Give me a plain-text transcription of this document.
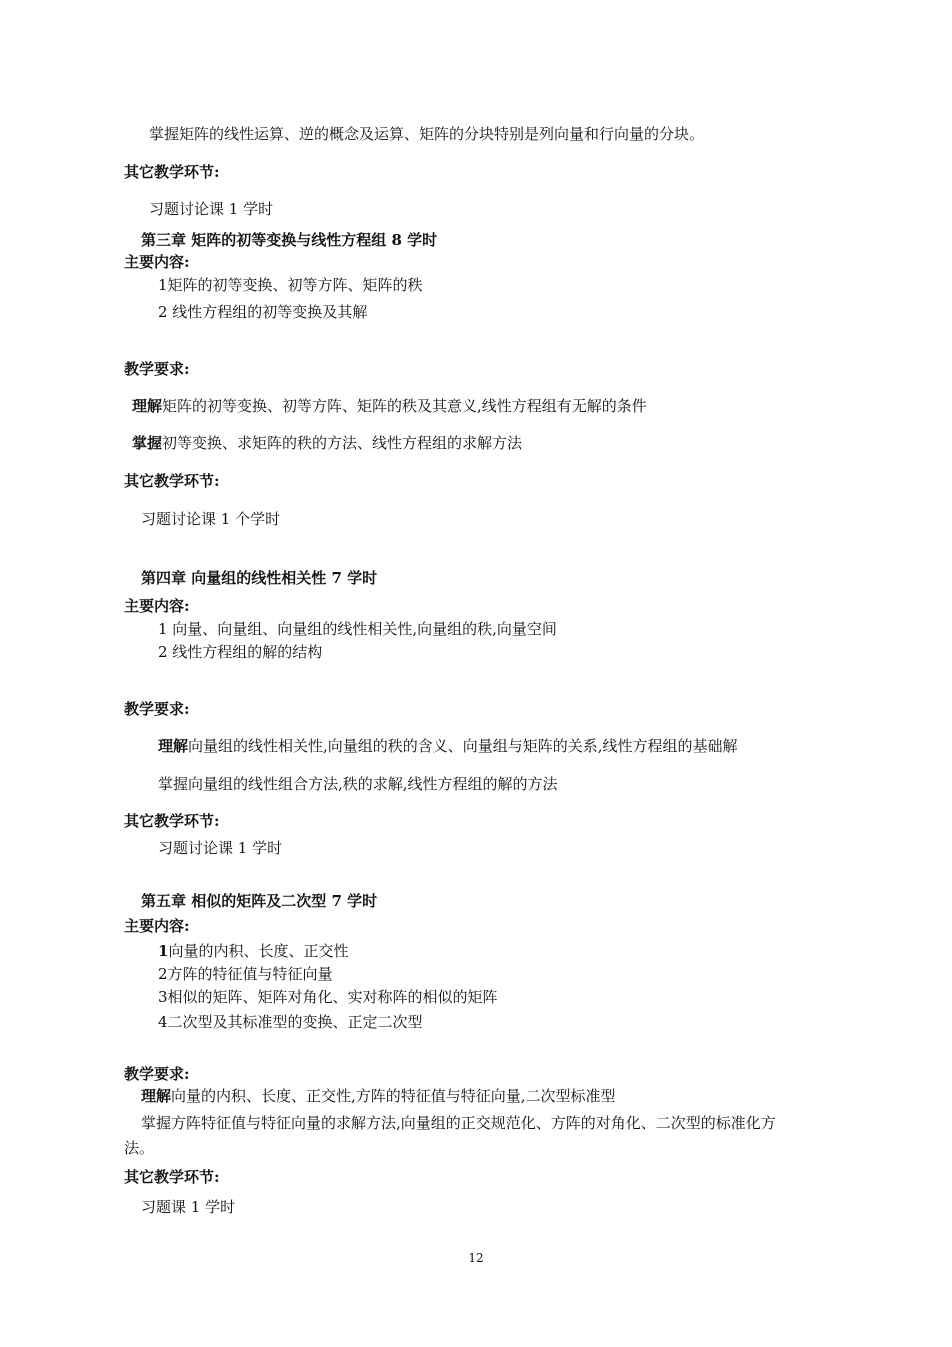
掌握矩阵的线性运算、逆的概念及运算、矩阵的分块特别是列向量和行向量的分块。
其它教学环节:
习题讨论课 1 学时
第三章 矩阵的初等变换与线性方程组 8 学时
主要内容:
1矩阵的初等变换、初等方阵、矩阵的秩
2 线性方程组的初等变换及其解
教学要求:
理解矩阵的初等变换、初等方阵、矩阵的秩及其意义,线性方程组有无解的条件
掌握初等变换、求矩阵的秩的方法、线性方程组的求解方法
其它教学环节:
习题讨论课 1 个学时
第四章 向量组的线性相关性 7 学时
主要内容:
1 向量、向量组、向量组的线性相关性,向量组的秩,向量空间
2 线性方程组的解的结构
教学要求:
理解向量组的线性相关性,向量组的秩的含义、向量组与矩阵的关系,线性方程组的基础解
掌握向量组的线性组合方法,秩的求解,线性方程组的解的方法
其它教学环节:
习题讨论课 1 学时
第五章 相似的矩阵及二次型 7 学时
主要内容:
1向量的内积、长度、正交性
2方阵的特征值与特征向量
3相似的矩阵、矩阵对角化、实对称阵的相似的矩阵
4二次型及其标准型的变换、正定二次型
教学要求:
理解向量的内积、长度、正交性,方阵的特征值与特征向量,二次型标准型
掌握方阵特征值与特征向量的求解方法,向量组的正交规范化、方阵的对角化、二次型的标准化方
法。
其它教学环节:
习题课 1 学时
12
